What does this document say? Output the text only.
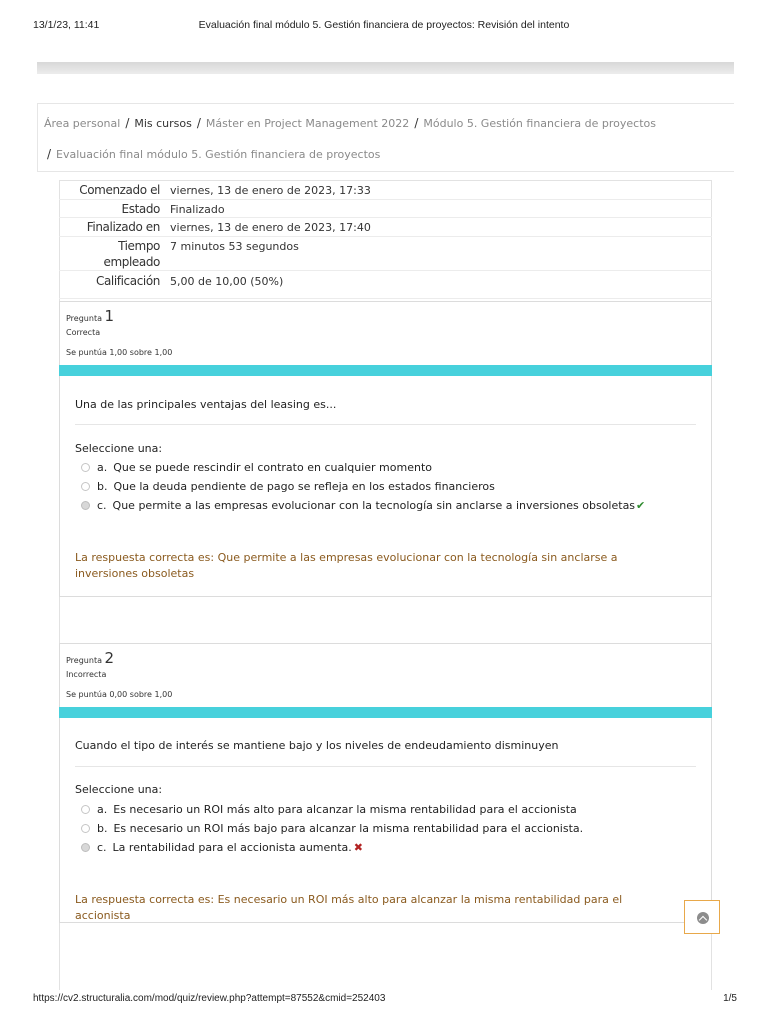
13/1/23, 11:41	Evaluación final módulo 5. Gestión financiera de proyectos: Revisión del intento
Área personal / Mis cursos / Máster en Project Management 2022 / Módulo 5. Gestión financiera de proyectos
/ Evaluación final módulo 5. Gestión financiera de proyectos
Comenzado el viernes, 13 de enero de 2023, 17:33
Estado Finalizado
Finalizado en viernes, 13 de enero de 2023, 17:40
Tiempo
empleado
7 minutos 53 segundos
Calificación 5,00 de 10,00 (50%)
Pregunta 1
Correcta
Se puntúa 1,00 sobre 1,00
Una de las principales ventajas del leasing es...
Seleccione una:
a. Que se puede rescindir el contrato en cualquier momento
b. Que la deuda pendiente de pago se refleja en los estados financieros
c. Que permite a las empresas evolucionar con la tecnología sin anclarse a inversiones obsoletas✔
La respuesta correcta es: Que permite a las empresas evolucionar con la tecnología sin anclarse a inversiones obsoletas
Pregunta 2
Incorrecta
Se puntúa 0,00 sobre 1,00
Cuando el tipo de interés se mantiene bajo y los niveles de endeudamiento disminuyen
Seleccione una:
a. Es necesario un ROI más alto para alcanzar la misma rentabilidad para el accionista
b. Es necesario un ROI más bajo para alcanzar la misma rentabilidad para el accionista.
c. La rentabilidad para el accionista aumenta. ✖
La respuesta correcta es: Es necesario un ROI más alto para alcanzar la misma rentabilidad para el accionista
https://cv2.structuralia.com/mod/quiz/review.php?attempt=87552&cmid=252403	1/5
